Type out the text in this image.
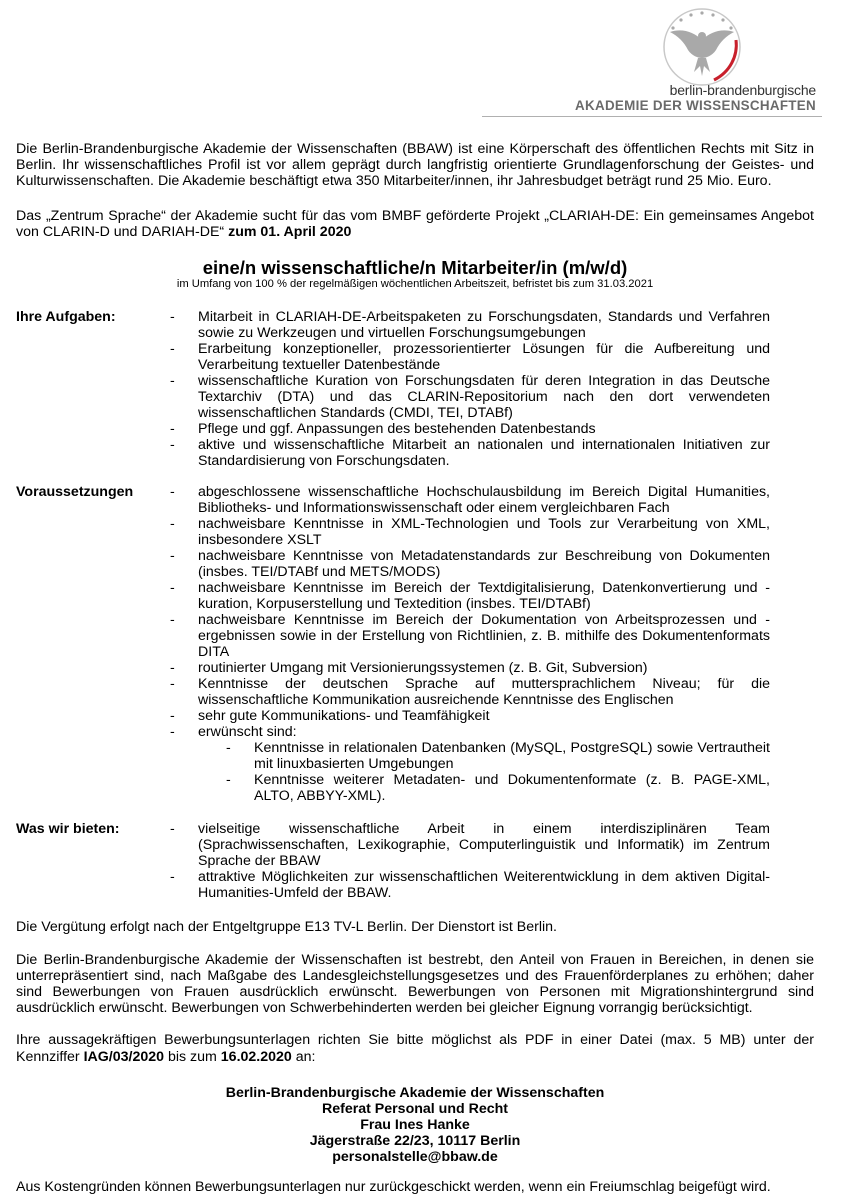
berlin-brandenburgische
AKADEMIE DER WISSENSCHAFTEN

Die Berlin-Brandenburgische Akademie der Wissenschaften (BBAW) ist eine Körperschaft des öffentlichen Rechts mit Sitz in Berlin. Ihr wissenschaftliches Profil ist vor allem geprägt durch langfristig orientierte Grundlagenforschung der Geistes- und Kulturwissenschaften. Die Akademie beschäftigt etwa 350 Mitarbeiter/innen, ihr Jahresbudget beträgt rund 25 Mio. Euro.

Das „Zentrum Sprache“ der Akademie sucht für das vom BMBF geförderte Projekt „CLARIAH-DE: Ein gemeinsames Angebot von CLARIN-D und DARIAH-DE“ zum 01. April 2020

eine/n wissenschaftliche/n Mitarbeiter/in (m/w/d)
im Umfang von 100 % der regelmäßigen wöchentlichen Arbeitszeit, befristet bis zum 31.03.2021
Ihre Aufgaben:	- Mitarbeit in CLARIAH-DE-Arbeitspaketen zu Forschungsdaten, Standards und Verfahren sowie zu Werkzeugen und virtuellen Forschungsumgebungen
- Erarbeitung konzeptioneller, prozessorientierter Lösungen für die Aufbereitung und Verarbeitung textueller Datenbestände
- wissenschaftliche Kuration von Forschungsdaten für deren Integration in das Deutsche Textarchiv (DTA) und das CLARIN-Repositorium nach den dort verwendeten wissenschaftlichen Standards (CMDI, TEI, DTABf)
- Pflege und ggf. Anpassungen des bestehenden Datenbestands
- aktive und wissenschaftliche Mitarbeit an nationalen und internationalen Initiativen zur Standardisierung von Forschungsdaten.
Voraussetzungen	- abgeschlossene wissenschaftliche Hochschulausbildung im Bereich Digital Humanities, Bibliotheks- und Informationswissenschaft oder einem vergleichbaren Fach
- nachweisbare Kenntnisse in XML-Technologien und Tools zur Verarbeitung von XML, insbesondere XSLT
- nachweisbare Kenntnisse von Metadatenstandards zur Beschreibung von Dokumenten (insbes. TEI/DTABf und METS/MODS)
- nachweisbare Kenntnisse im Bereich der Textdigitalisierung, Datenkonvertierung und -kuration, Korpuserstellung und Textedition (insbes. TEI/DTABf)
- nachweisbare Kenntnisse im Bereich der Dokumentation von Arbeitsprozessen und -ergebnissen sowie in der Erstellung von Richtlinien, z. B. mithilfe des Dokumentenformats DITA
- routinierter Umgang mit Versionierungssystemen (z. B. Git, Subversion)
- Kenntnisse der deutschen Sprache auf muttersprachlichem Niveau; für die wissenschaftliche Kommunikation ausreichende Kenntnisse des Englischen
- sehr gute Kommunikations- und Teamfähigkeit
- erwünscht sind:
- Kenntnisse in relationalen Datenbanken (MySQL, PostgreSQL) sowie Vertrautheit mit linuxbasierten Umgebungen
- Kenntnisse weiterer Metadaten- und Dokumentenformate (z. B. PAGE-XML, ALTO, ABBYY-XML).
Was wir bieten:	- vielseitige wissenschaftliche Arbeit in einem interdisziplinären Team (Sprachwissenschaften, Lexikographie, Computerlinguistik und Informatik) im Zentrum Sprache der BBAW
- attraktive Möglichkeiten zur wissenschaftlichen Weiterentwicklung in dem aktiven Digital-Humanities-Umfeld der BBAW.

Die Vergütung erfolgt nach der Entgeltgruppe E13 TV-L Berlin. Der Dienstort ist Berlin.

Die Berlin-Brandenburgische Akademie der Wissenschaften ist bestrebt, den Anteil von Frauen in Bereichen, in denen sie unterrepräsentiert sind, nach Maßgabe des Landesgleichstellungsgesetzes und des Frauenförderplanes zu erhöhen; daher sind Bewerbungen von Frauen ausdrücklich erwünscht. Bewerbungen von Personen mit Migrationshintergrund sind ausdrücklich erwünscht. Bewerbungen von Schwerbehinderten werden bei gleicher Eignung vorrangig berücksichtigt.

Ihre aussagekräftigen Bewerbungsunterlagen richten Sie bitte möglichst als PDF in einer Datei (max. 5 MB) unter der Kennziffer IAG/03/2020 bis zum 16.02.2020 an:

Berlin-Brandenburgische Akademie der Wissenschaften
Referat Personal und Recht
Frau Ines Hanke
Jägerstraße 22/23, 10117 Berlin
personalstelle@bbaw.de

Aus Kostengründen können Bewerbungsunterlagen nur zurückgeschickt werden, wenn ein Freiumschlag beigefügt wird.
